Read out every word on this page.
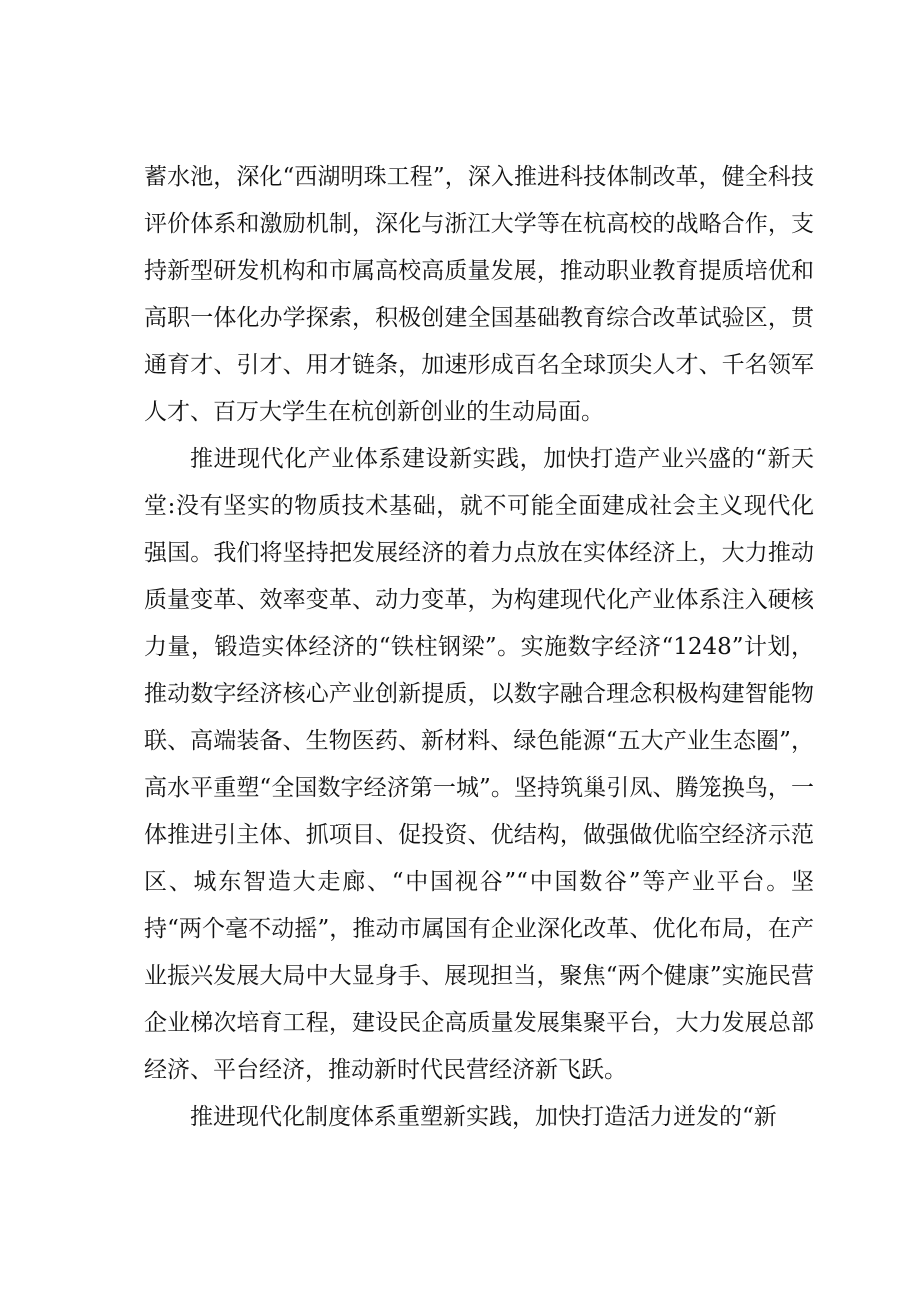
蓄水池，深化“西湖明珠工程”，深入推进科技体制改革，健全科技评价体系和激励机制，深化与浙江大学等在杭高校的战略合作，支持新型研发机构和市属高校高质量发展，推动职业教育提质培优和高职一体化办学探索，积极创建全国基础教育综合改革试验区，贯通育才、引才、用才链条，加速形成百名全球顶尖人才、千名领军人才、百万大学生在杭创新创业的生动局面。

推进现代化产业体系建设新实践，加快打造产业兴盛的“新天堂:没有坚实的物质技术基础，就不可能全面建成社会主义现代化强国。我们将坚持把发展经济的着力点放在实体经济上，大力推动质量变革、效率变革、动力变革，为构建现代化产业体系注入硬核力量，锻造实体经济的“铁柱钢梁”。实施数字经济“1248”计划，推动数字经济核心产业创新提质，以数字融合理念积极构建智能物联、高端装备、生物医药、新材料、绿色能源“五大产业生态圈”，高水平重塑“全国数字经济第一城”。坚持筑巢引凤、腾笼换鸟，一体推进引主体、抓项目、促投资、优结构，做强做优临空经济示范区、城东智造大走廊、“中国视谷”“中国数谷”等产业平台。坚持“两个毫不动摇”，推动市属国有企业深化改革、优化布局，在产业振兴发展大局中大显身手、展现担当，聚焦“两个健康”实施民营企业梯次培育工程，建设民企高质量发展集聚平台，大力发展总部经济、平台经济，推动新时代民营经济新飞跃。

推进现代化制度体系重塑新实践，加快打造活力迸发的“新
